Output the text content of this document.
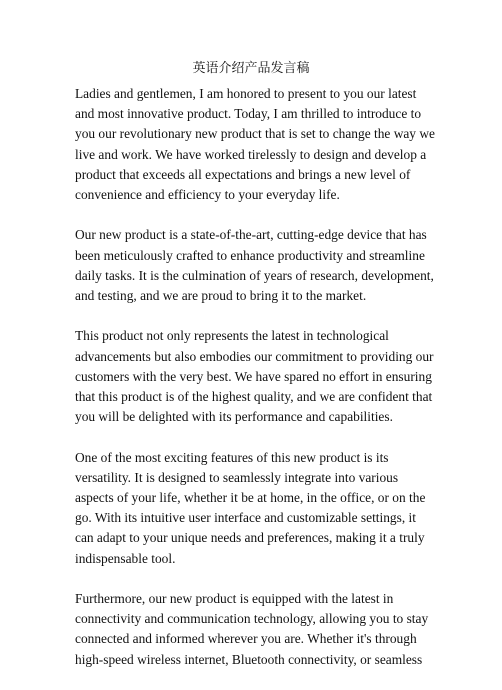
英语介绍产品发言稿

Ladies and gentlemen, I am honored to present to you our latest
and most innovative product. Today, I am thrilled to introduce to
you our revolutionary new product that is set to change the way we
live and work. We have worked tirelessly to design and develop a
product that exceeds all expectations and brings a new level of
convenience and efficiency to your everyday life.

Our new product is a state-of-the-art, cutting-edge device that has
been meticulously crafted to enhance productivity and streamline
daily tasks. It is the culmination of years of research, development,
and testing, and we are proud to bring it to the market.

This product not only represents the latest in technological
advancements but also embodies our commitment to providing our
customers with the very best. We have spared no effort in ensuring
that this product is of the highest quality, and we are confident that
you will be delighted with its performance and capabilities.

One of the most exciting features of this new product is its
versatility. It is designed to seamlessly integrate into various
aspects of your life, whether it be at home, in the office, or on the
go. With its intuitive user interface and customizable settings, it
can adapt to your unique needs and preferences, making it a truly
indispensable tool.

Furthermore, our new product is equipped with the latest in
connectivity and communication technology, allowing you to stay
connected and informed wherever you are. Whether it's through
high-speed wireless internet, Bluetooth connectivity, or seamless
